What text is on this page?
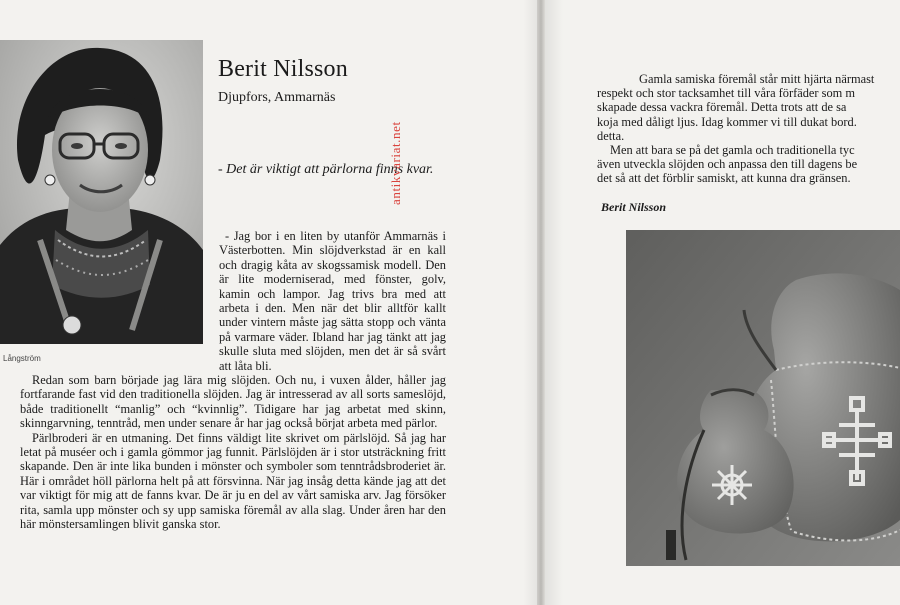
Långström
Berit Nilsson
Djupfors, Ammarnäs

- Det är viktigt att pärlorna finns kvar.

- Jag bor i en liten by utanför Ammarnäs i Västerbotten. Min slöjdverkstad är en kall och dragig kåta av skogssamisk modell. Den är lite moderniserad, med fönster, golv, kamin och lampor. Jag trivs bra med att arbeta i den. Men när det blir alltför kallt under vintern måste jag sätta stopp och vänta på varmare väder. Ibland har jag tänkt att jag skulle sluta med slöjden, men det är så svårt att låta bli.

Redan som barn började jag lära mig slöjden. Och nu, i vuxen ålder, håller jag fortfarande fast vid den traditionella slöjden. Jag är intresserad av all sorts sameslöjd, både traditionellt “manlig” och “kvinnlig”. Tidigare har jag arbetat med skinn, skinngarvning, tenntråd, men under senare år har jag också börjat arbeta med pärlor.

Pärlbroderi är en utmaning. Det finns väldigt lite skrivet om pärlslöjd. Så jag har letat på muséer och i gamla gömmor jag funnit. Pärlslöjden är i stor utsträckning fritt skapande. Den är inte lika bunden i mönster och symboler som tenntrådsbroderiet är. Här i området höll pärlorna helt på att försvinna. När jag insåg detta kände jag att det var viktigt för mig att de fanns kvar. De är ju en del av vårt samiska arv. Jag försöker rita, samla upp mönster och sy upp samiska föremål av alla slag. Under åren har den här mönstersamlingen blivit ganska stor.

antikvariat.net

Gamla samiska föremål står mitt hjärta närmast

respekt och stor tacksamhet till våra förfäder som m

skapade dessa vackra föremål. Detta trots att de sa

koja med dåligt ljus. Idag kommer vi till dukat bord.

detta.

Men att bara se på det gamla och traditionella tyc

även utveckla slöjden och anpassa den till dagens be

det så att det förblir samiskt, att kunna dra gränsen.

Berit Nilsson
